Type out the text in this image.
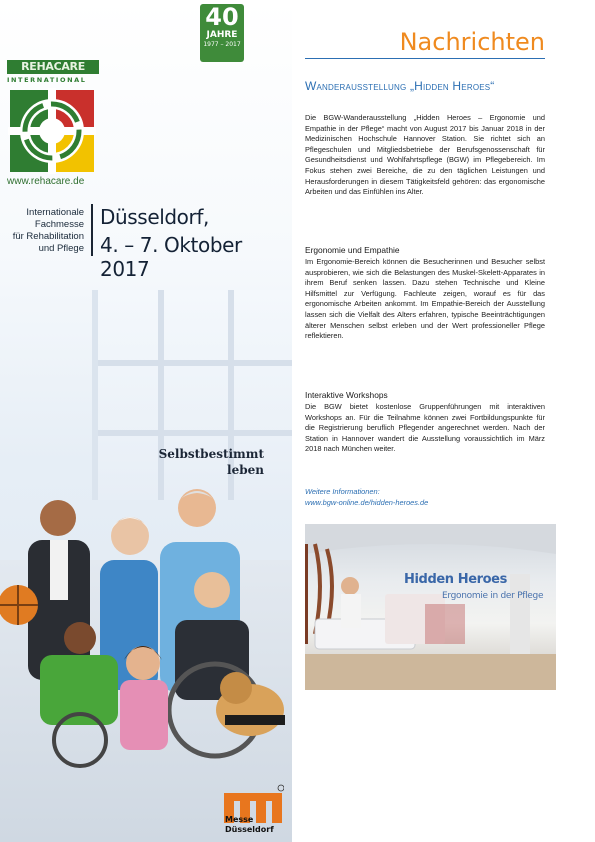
40
JAHRE
1977 – 2017
REHACARE
INTERNATIONAL
www.rehacare.de
Internationale
Fachmesse
für Rehabilitation
und Pflege
Düsseldorf,
4. – 7. Oktober 2017
Selbstbestimmt
leben
Messe
Düsseldorf
Nachrichten
Wanderausstellung „Hidden Heroes“
Die BGW-Wanderausstellung „Hidden Heroes – Ergonomie und Empathie in der Pflege“ macht von August 2017 bis Januar 2018 in der Medizinischen Hochschule Hannover Station. Sie richtet sich an Pflegeschulen und Mitgliedsbetriebe der Berufsgenossenschaft für Gesundheitsdienst und Wohlfahrtspflege (BGW) im Pflegebereich. Im Fokus stehen zwei Bereiche, die zu den täglichen Leistungen und Herausforderungen in diesem Tätigkeitsfeld gehören: das ergonomische Arbeiten und das Einfühlen ins Alter.
Ergonomie und Empathie
Im Ergonomie-Bereich können die Besucherinnen und Besucher selbst ausprobieren, wie sich die Belastungen des Muskel-Skelett-Apparates in ihrem Beruf senken lassen. Dazu stehen Technische und Kleine Hilfsmittel zur Verfügung. Fachleute zeigen, worauf es für das ergonomische Arbeiten ankommt. Im Empathie-Bereich der Ausstellung lassen sich die Vielfalt des Alters erfahren, typische Beeinträchtigungen älterer Menschen selbst erleben und der Wert professioneller Pflege reflektieren.
Interaktive Workshops
Die BGW bietet kostenlose Gruppenführungen mit interaktiven Workshops an. Für die Teilnahme können zwei Fortbildungspunkte für die Registrierung beruflich Pflegender angerechnet werden. Nach der Station in Hannover wandert die Ausstellung voraussichtlich im März 2018 nach München weiter.
Weitere Informationen:
www.bgw-online.de/hidden-heroes.de
Hidden Heroes
Ergonomie in der Pflege
